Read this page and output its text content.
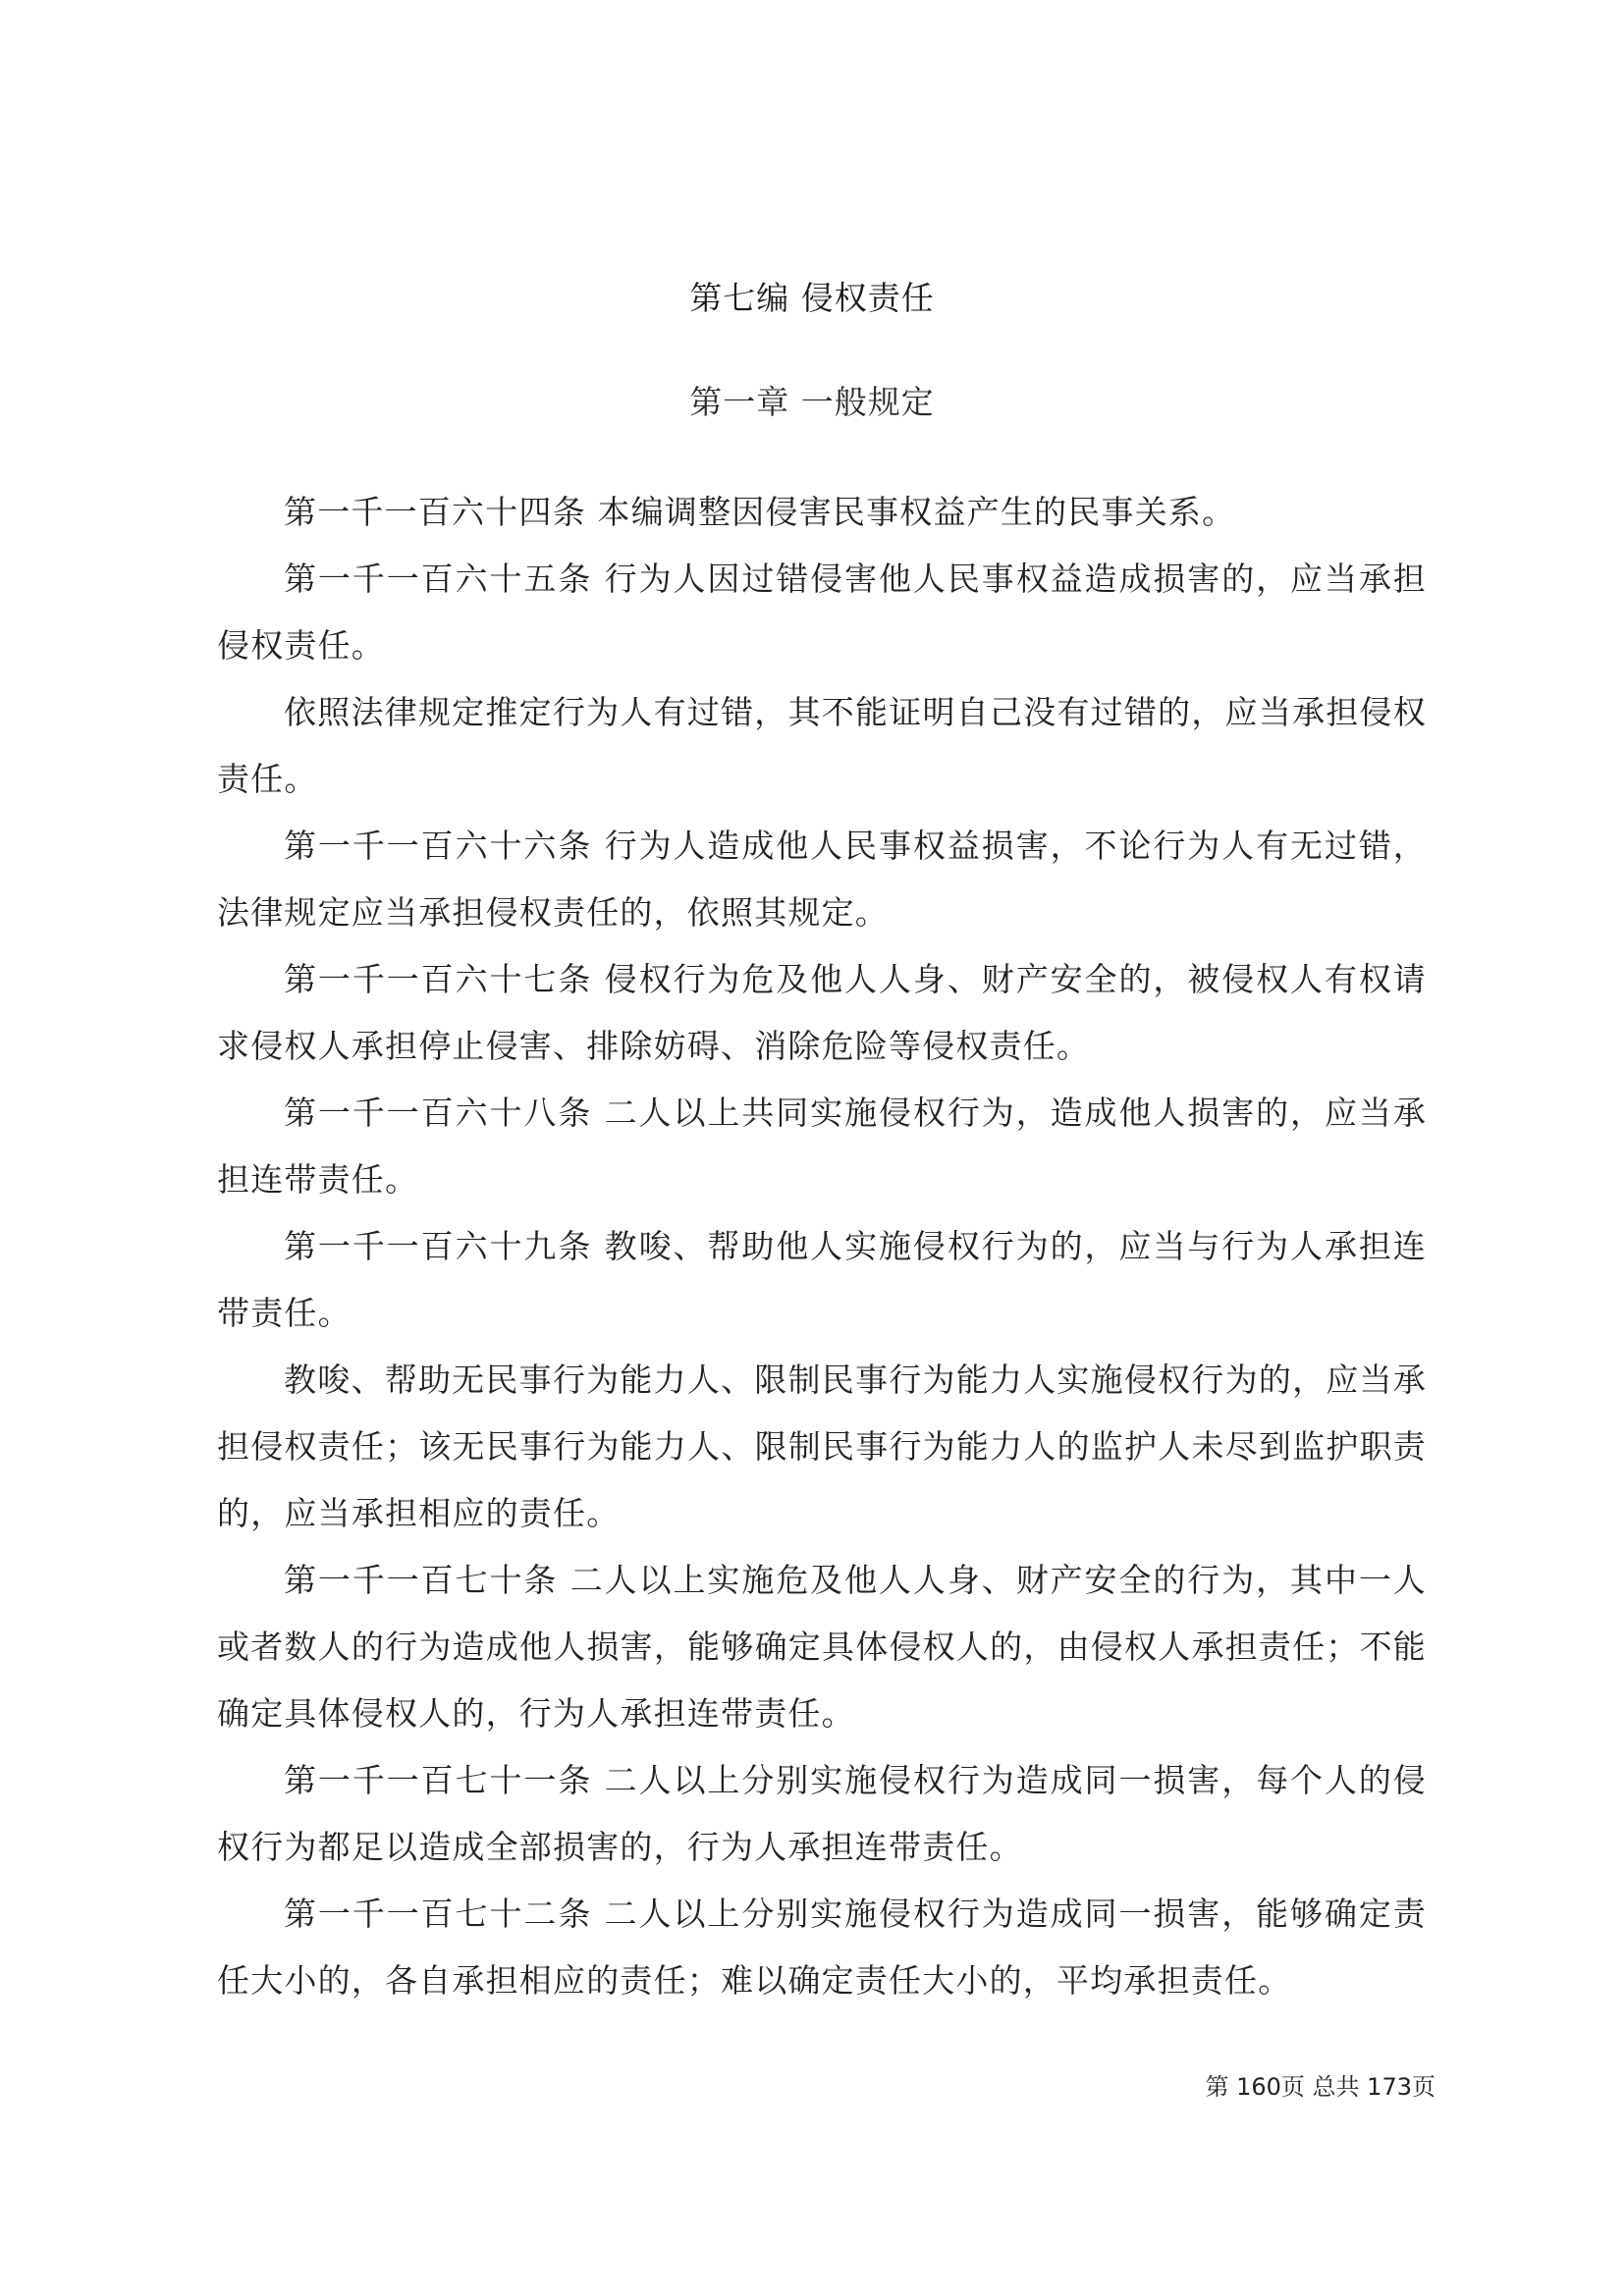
第七编 侵权责任
第一章 一般规定

第一千一百六十四条 本编调整因侵害民事权益产生的民事关系。

第一千一百六十五条 行为人因过错侵害他人民事权益造成损害的，应当承担侵权责任。

依照法律规定推定行为人有过错，其不能证明自己没有过错的，应当承担侵权责任。

第一千一百六十六条 行为人造成他人民事权益损害，不论行为人有无过错，法律规定应当承担侵权责任的，依照其规定。

第一千一百六十七条 侵权行为危及他人人身、财产安全的，被侵权人有权请求侵权人承担停止侵害、排除妨碍、消除危险等侵权责任。

第一千一百六十八条 二人以上共同实施侵权行为，造成他人损害的，应当承担连带责任。

第一千一百六十九条 教唆、帮助他人实施侵权行为的，应当与行为人承担连带责任。

教唆、帮助无民事行为能力人、限制民事行为能力人实施侵权行为的，应当承担侵权责任；该无民事行为能力人、限制民事行为能力人的监护人未尽到监护职责的，应当承担相应的责任。

第一千一百七十条 二人以上实施危及他人人身、财产安全的行为，其中一人或者数人的行为造成他人损害，能够确定具体侵权人的，由侵权人承担责任；不能确定具体侵权人的，行为人承担连带责任。

第一千一百七十一条 二人以上分别实施侵权行为造成同一损害，每个人的侵权行为都足以造成全部损害的，行为人承担连带责任。

第一千一百七十二条 二人以上分别实施侵权行为造成同一损害，能够确定责任大小的，各自承担相应的责任；难以确定责任大小的，平均承担责任。

第 160页 总共 173页
